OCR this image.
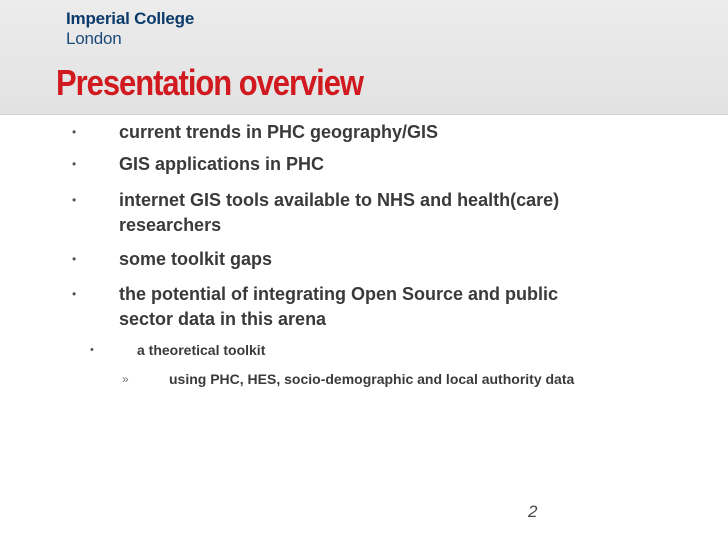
Imperial College
London
Presentation overview
• current trends in PHC geography/GIS
• GIS applications in PHC
• internet GIS tools available to NHS and health(care)
researchers
• some toolkit gaps
• the potential of integrating Open Source and public
sector data in this arena
•	a theoretical toolkit
»	using PHC, HES, socio-demographic and local authority data
2
